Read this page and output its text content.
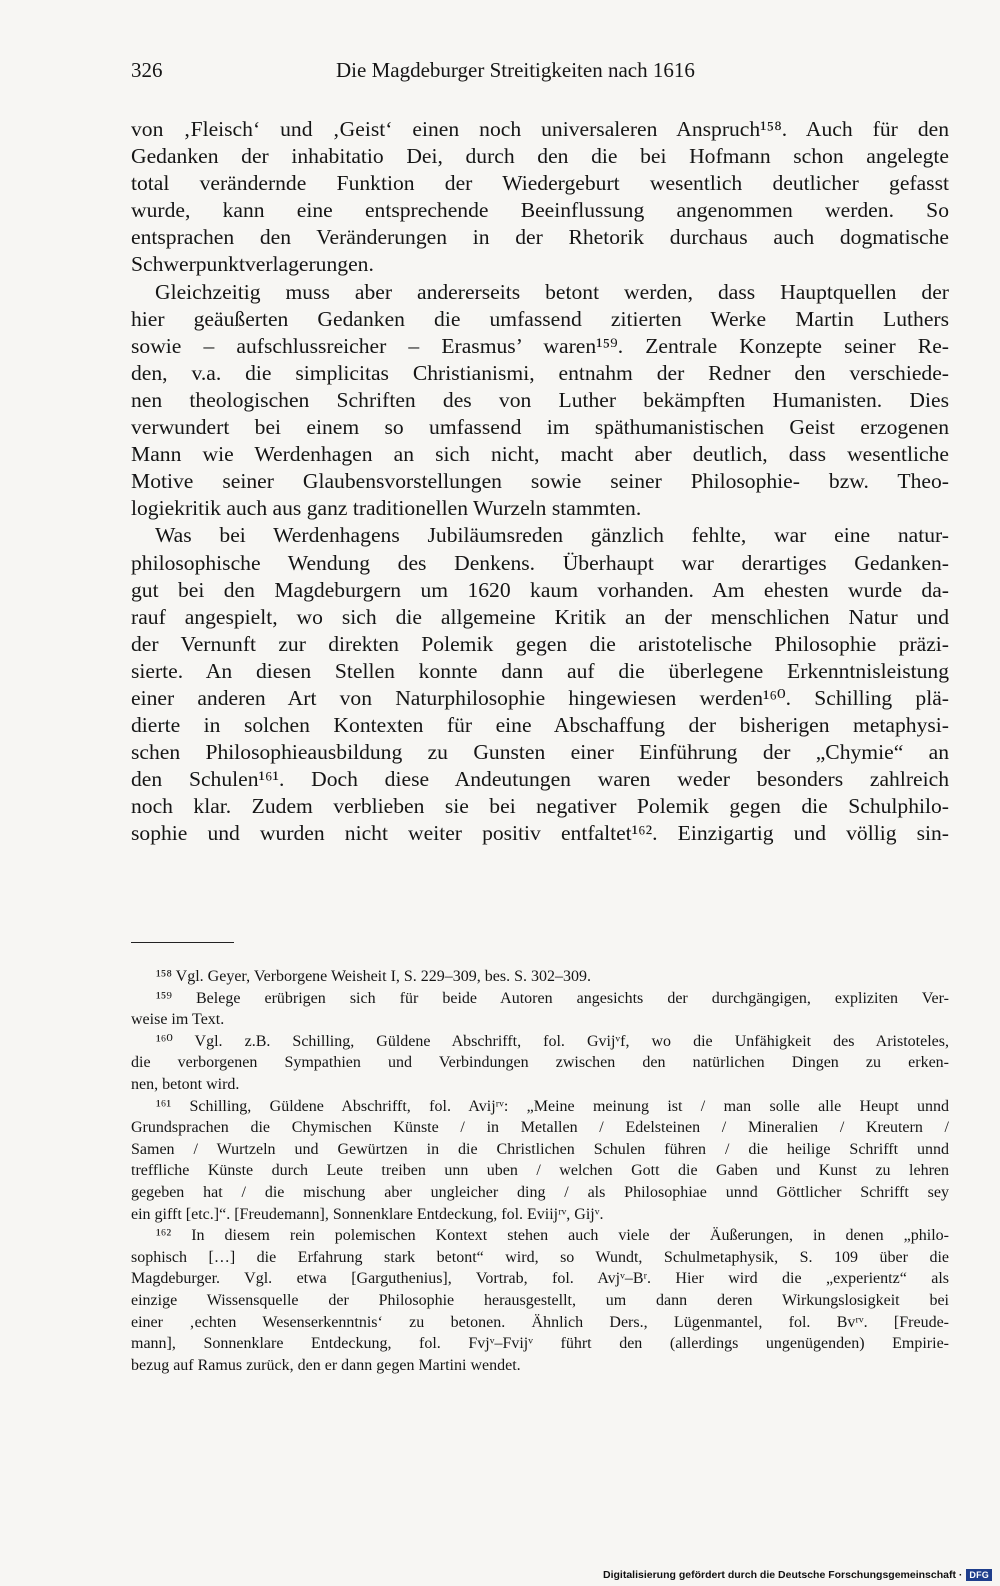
326	Die Magdeburger Streitigkeiten nach 1616
von ‚Fleisch‘ und ‚Geist‘ einen noch universaleren Anspruch¹⁵⁸. Auch für den
Gedanken der inhabitatio Dei, durch den die bei Hofmann schon angelegte
total verändernde Funktion der Wiedergeburt wesentlich deutlicher gefasst
wurde, kann eine entsprechende Beeinflussung angenommen werden. So
entsprachen den Veränderungen in der Rhetorik durchaus auch dogmatische
Schwerpunktverlagerungen.
Gleichzeitig muss aber andererseits betont werden, dass Hauptquellen der
hier geäußerten Gedanken die umfassend zitierten Werke Martin Luthers
sowie – aufschlussreicher – Erasmus’ waren¹⁵⁹. Zentrale Konzepte seiner Re-
den, v.a. die simplicitas Christianismi, entnahm der Redner den verschiede-
nen theologischen Schriften des von Luther bekämpften Humanisten. Dies
verwundert bei einem so umfassend im späthumanistischen Geist erzogenen
Mann wie Werdenhagen an sich nicht, macht aber deutlich, dass wesentliche
Motive seiner Glaubensvorstellungen sowie seiner Philosophie- bzw. Theo-
logiekritik auch aus ganz traditionellen Wurzeln stammten.
Was bei Werdenhagens Jubiläumsreden gänzlich fehlte, war eine natur-
philosophische Wendung des Denkens. Überhaupt war derartiges Gedanken-
gut bei den Magdeburgern um 1620 kaum vorhanden. Am ehesten wurde da-
rauf angespielt, wo sich die allgemeine Kritik an der menschlichen Natur und
der Vernunft zur direkten Polemik gegen die aristotelische Philosophie präzi-
sierte. An diesen Stellen konnte dann auf die überlegene Erkenntnisleistung
einer anderen Art von Naturphilosophie hingewiesen werden¹⁶⁰. Schilling plä-
dierte in solchen Kontexten für eine Abschaffung der bisherigen metaphysi-
schen Philosophieausbildung zu Gunsten einer Einführung der „Chymie“ an
den Schulen¹⁶¹. Doch diese Andeutungen waren weder besonders zahlreich
noch klar. Zudem verblieben sie bei negativer Polemik gegen die Schulphilo-
sophie und wurden nicht weiter positiv entfaltet¹⁶². Einzigartig und völlig sin-
¹⁵⁸ Vgl. Geyer, Verborgene Weisheit I, S. 229–309, bes. S. 302–309.
¹⁵⁹ Belege erübrigen sich für beide Autoren angesichts der durchgängigen, expliziten Ver-
weise im Text.
¹⁶⁰ Vgl. z.B. Schilling, Güldene Abschrifft, fol. Gvijᵛf, wo die Unfähigkeit des Aristoteles,
die verborgenen Sympathien und Verbindungen zwischen den natürlichen Dingen zu erken-
nen, betont wird.
¹⁶¹ Schilling, Güldene Abschrifft, fol. Avijʳᵛ: „Meine meinung ist / man solle alle Heupt unnd
Grundsprachen die Chymischen Künste / in Metallen / Edelsteinen / Mineralien / Kreutern /
Samen / Wurtzeln und Gewürtzen in die Christlichen Schulen führen / die heilige Schrifft unnd
treffliche Künste durch Leute treiben unn uben / welchen Gott die Gaben und Kunst zu lehren
gegeben hat / die mischung aber ungleicher ding / als Philosophiae unnd Göttlicher Schrifft sey
ein gifft [etc.]“. [Freudemann], Sonnenklare Entdeckung, fol. Eviijʳᵛ, Gijᵛ.
¹⁶² In diesem rein polemischen Kontext stehen auch viele der Äußerungen, in denen „philo-
sophisch […] die Erfahrung stark betont“ wird, so Wundt, Schulmetaphysik, S. 109 über die
Magdeburger. Vgl. etwa [Garguthenius], Vortrab, fol. Avjᵛ–Bʳ. Hier wird die „experientz“ als
einzige Wissensquelle der Philosophie herausgestellt, um dann deren Wirkungslosigkeit bei
einer ‚echten Wesenserkenntnis‘ zu betonen. Ähnlich Ders., Lügenmantel, fol. Bvʳᵛ. [Freude-
mann], Sonnenklare Entdeckung, fol. Fvjᵛ–Fvijᵛ führt den (allerdings ungenügenden) Empirie-
bezug auf Ramus zurück, den er dann gegen Martini wendet.
Digitalisierung gefördert durch die Deutsche Forschungsgemeinschaft · DFG
